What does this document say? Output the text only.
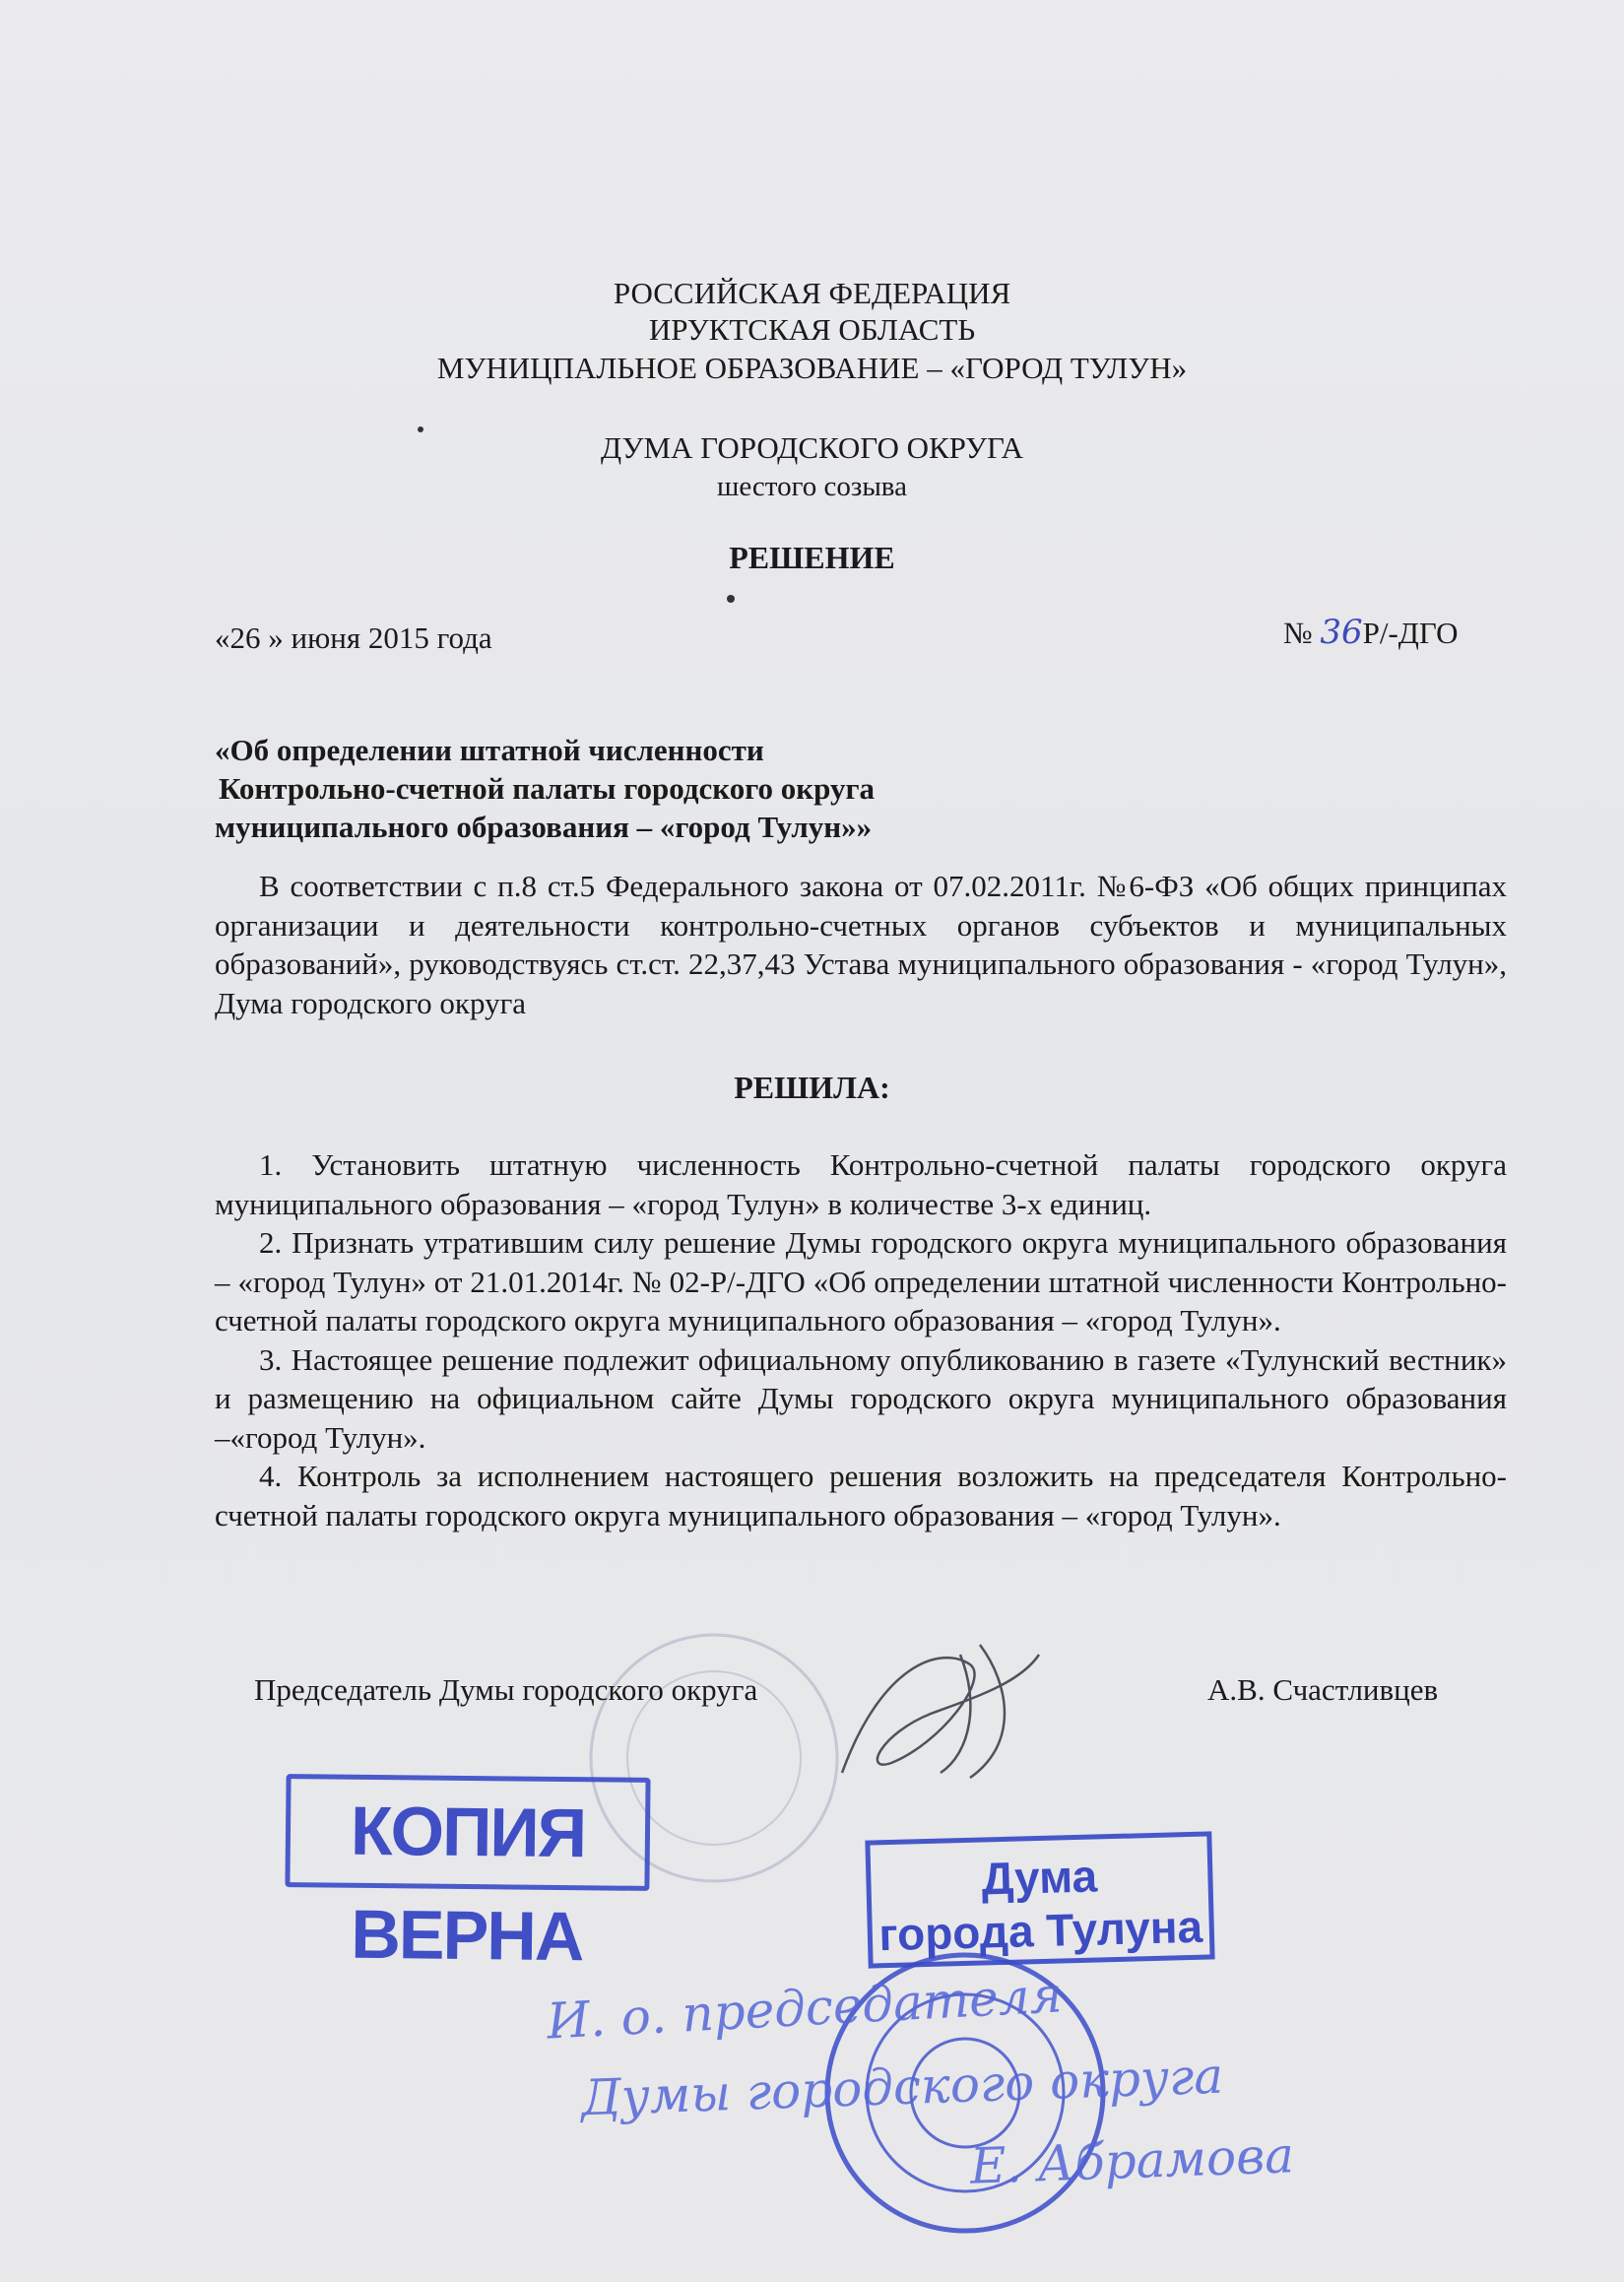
РОССИЙСКАЯ ФЕДЕРАЦИЯ
ИРУКТСКАЯ ОБЛАСТЬ
МУНИЦПАЛЬНОЕ ОБРАЗОВАНИЕ – «ГОРОД ТУЛУН»
ДУМА ГОРОДСКОГО ОКРУГА
шестого созыва
РЕШЕНИЕ
«26 » июня 2015 года	№ 36Р/-ДГО
«Об определении штатной численности
Контрольно-счетной палаты городского округа
муниципального образования – «город Тулун»»
В соответствии с п.8 ст.5 Федерального закона от 07.02.2011г. №6-ФЗ «Об общих принципах организации и деятельности контрольно-счетных органов субъектов и муниципальных образований», руководствуясь ст.ст. 22,37,43 Устава муниципального образования - «город Тулун», Дума городского округа
РЕШИЛА:
1. Установить штатную численность Контрольно-счетной палаты городского округа муниципального образования – «город Тулун» в количестве 3-х единиц.
2. Признать утратившим силу решение Думы городского округа муниципального образования – «город Тулун» от 21.01.2014г. № 02-Р/-ДГО «Об определении штатной численности Контрольно-счетной палаты городского округа муниципального образования – «город Тулун».
3. Настоящее решение подлежит официальному опубликованию в газете «Тулунский вестник» и размещению на официальном сайте Думы городского округа муниципального образования –«город Тулун».
4. Контроль за исполнением настоящего решения возложить на председателя Контрольно-счетной палаты городского округа муниципального образования – «город Тулун».
Председатель Думы городского округа	А.В. Счастливцев
КОПИЯ ВЕРНА
Дума
города Тулуна
И. о. председателя
Думы городского округа
Е. Абрамова
